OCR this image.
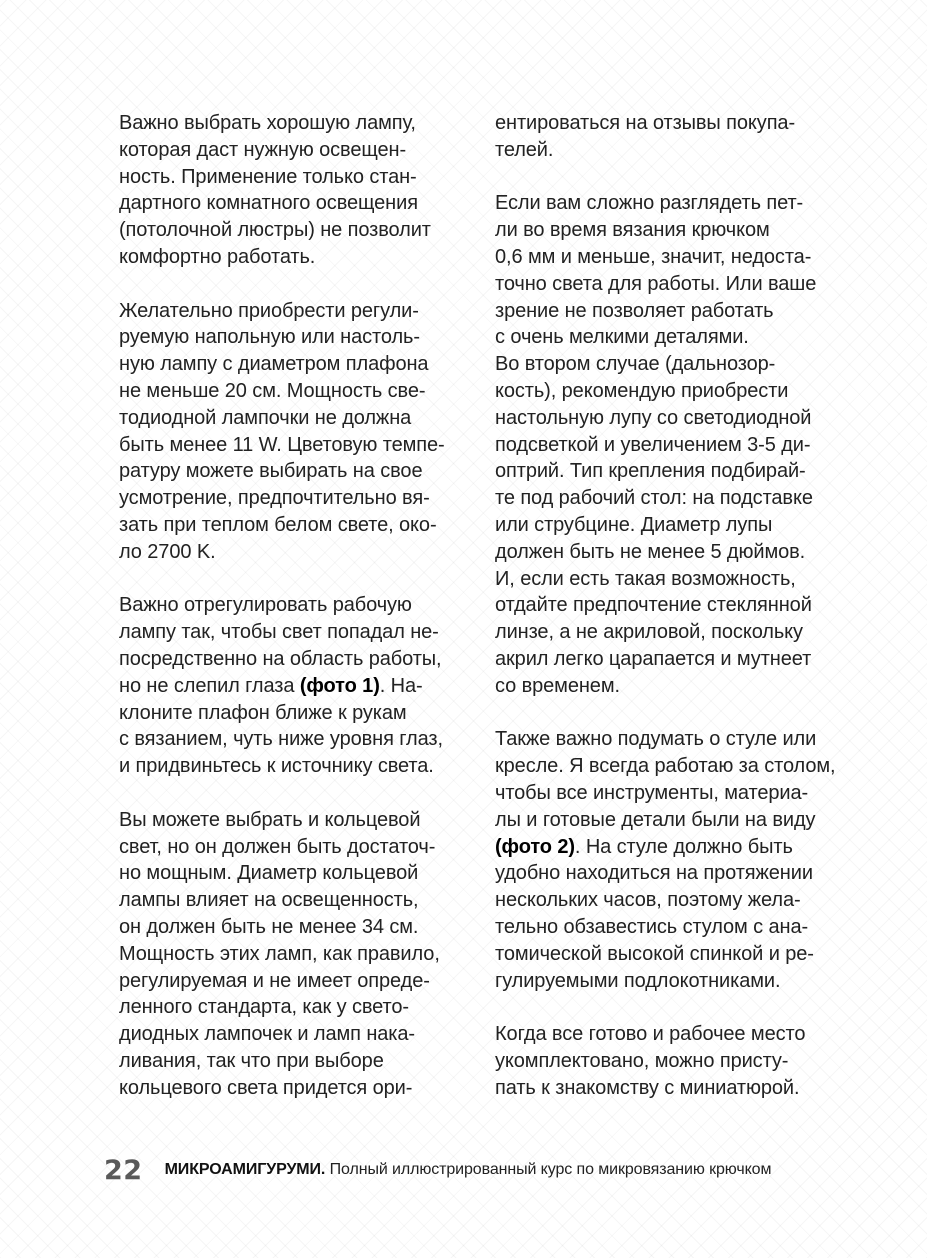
Важно выбрать хорошую лампу,
которая даст нужную освещен-
ность. Применение только стан-
дартного комнатного освещения
(потолочной люстры) не позволит
комфортно работать.

Желательно приобрести регули-
руемую напольную или настоль-
ную лампу с диаметром плафона
не меньше 20 см. Мощность све-
тодиодной лампочки не должна
быть менее 11 W. Цветовую темпе-
ратуру можете выбирать на свое
усмотрение, предпочтительно вя-
зать при теплом белом свете, око-
ло 2700 K.

Важно отрегулировать рабочую
лампу так, чтобы свет попадал не-
посредственно на область работы,
но не слепил глаза (фото 1). На-
клоните плафон ближе к рукам
с вязанием, чуть ниже уровня глаз,
и придвиньтесь к источнику света.

Вы можете выбрать и кольцевой
свет, но он должен быть достаточ-
но мощным. Диаметр кольцевой
лампы влияет на освещенность,
он должен быть не менее 34 см.
Мощность этих ламп, как правило,
регулируемая и не имеет опреде-
ленного стандарта, как у свето-
диодных лампочек и ламп нака-
ливания, так что при выборе
кольцевого света придется ори-

ентироваться на отзывы покупа-
телей.

Если вам сложно разглядеть пет-
ли во время вязания крючком
0,6 мм и меньше, значит, недоста-
точно света для работы. Или ваше
зрение не позволяет работать
с очень мелкими деталями.

Во втором случае (дальнозор-
кость), рекомендую приобрести
настольную лупу со светодиодной
подсветкой и увеличением 3-5 ди-
оптрий. Тип крепления подбирай-
те под рабочий стол: на подставке
или струбцине. Диаметр лупы
должен быть не менее 5 дюймов.
И, если есть такая возможность,
отдайте предпочтение стеклянной
линзе, а не акриловой, поскольку
акрил легко царапается и мутнеет
со временем.

Также важно подумать о стуле или
кресле. Я всегда работаю за столом,
чтобы все инструменты, материа-
лы и готовые детали были на виду
(фото 2). На стуле должно быть
удобно находиться на протяжении
нескольких часов, поэтому жела-
тельно обзавестись стулом с ана-
томической высокой спинкой и ре-
гулируемыми подлокотниками.

Когда все готово и рабочее место
укомплектовано, можно присту-
пать к знакомству с миниатюрой.

22 МИКРОАМИГУРУМИ. Полный иллюстрированный курс по микровязанию крючком
